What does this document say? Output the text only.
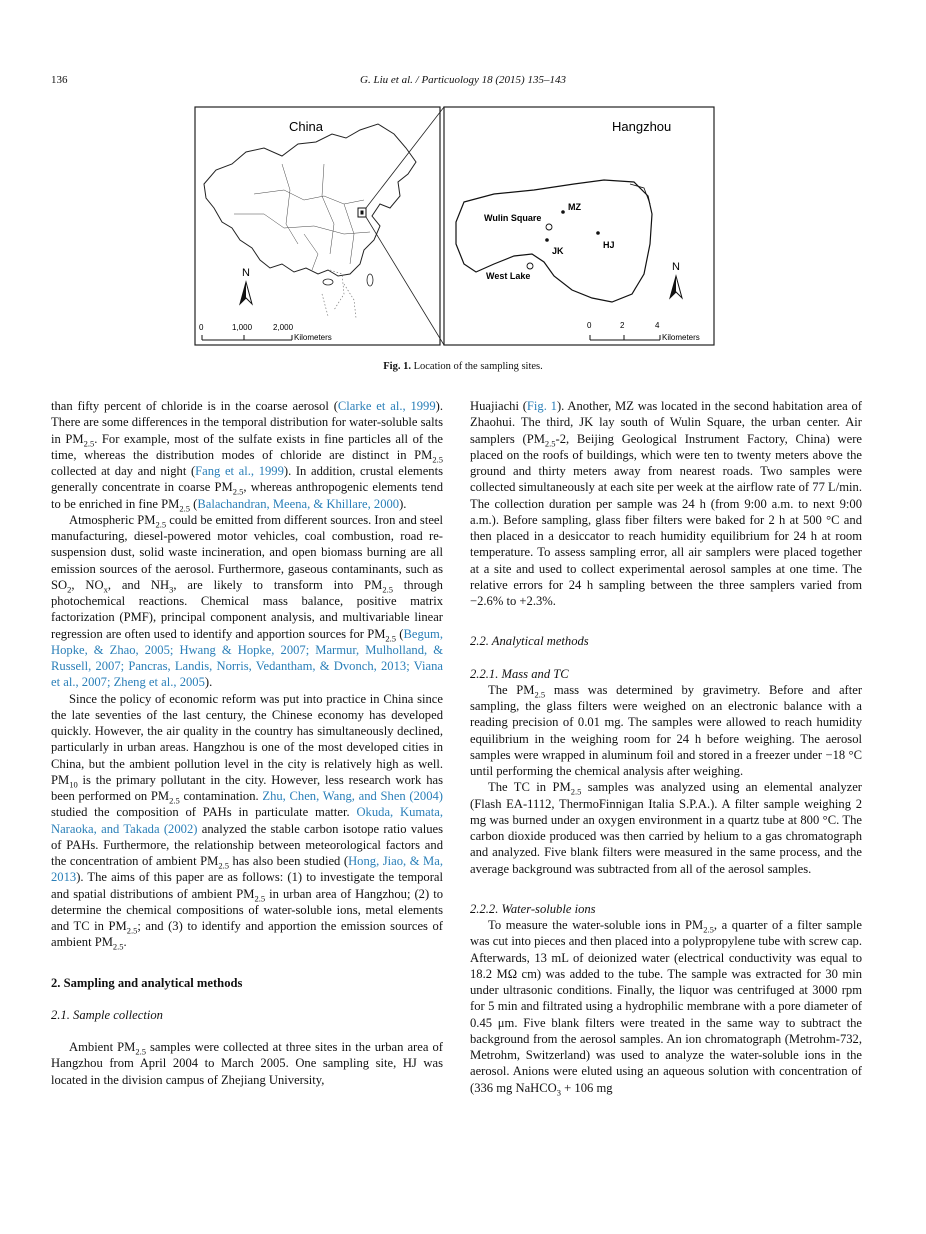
136	G. Liu et al. / Particuology 18 (2015) 135–143
China
N
0	1,000	2,000
Kilometers
Hangzhou
MZ
Wulin Square
JK
HJ
West Lake
N
0	2	4
Kilometers
Fig. 1. Location of the sampling sites.

than fifty percent of chloride is in the coarse aerosol (Clarke et al., 1999). There are some differences in the temporal distribution for water-soluble salts in $PM_{2.5}$. For example, most of the sulfate exists in fine particles all of the time, whereas the distribution modes of chloride are distinct in $PM_{2.5}$ collected at day and night (Fang et al., 1999). In addition, crustal elements generally concentrate in coarse $PM_{2.5}$, whereas anthropogenic elements tend to be enriched in fine $PM_{2.5}$ (Balachandran, Meena, & Khillare, 2000).

Atmospheric $PM_{2.5}$ could be emitted from different sources. Iron and steel manufacturing, diesel-powered motor vehicles, coal combustion, road re-suspension dust, solid waste incineration, and open biomass burning are all emission sources of the aerosol. Furthermore, gaseous contaminants, such as $SO_2$, $NO_x$, and $NH_3$, are likely to transform into $PM_{2.5}$ through photochemical reactions. Chemical mass balance, positive matrix factorization (PMF), principal component analysis, and multivariable linear regression are often used to identify and apportion sources for $PM_{2.5}$ (Begum, Hopke, & Zhao, 2005; Hwang & Hopke, 2007; Marmur, Mulholland, & Russell, 2007; Pancras, Landis, Norris, Vedantham, & Dvonch, 2013; Viana et al., 2007; Zheng et al., 2005).

Since the policy of economic reform was put into practice in China since the late seventies of the last century, the Chinese economy has developed quickly. However, the air quality in the country has simultaneously declined, particularly in urban areas. Hangzhou is one of the most developed cities in China, but the ambient pollution level in the city is relatively high as well. $PM_{10}$ is the primary pollutant in the city. However, less research work has been performed on $PM_{2.5}$ contamination. Zhu, Chen, Wang, and Shen (2004) studied the composition of PAHs in particulate matter. Okuda, Kumata, Naraoka, and Takada (2002) analyzed the stable carbon isotope ratio values of PAHs. Furthermore, the relationship between meteorological factors and the concentration of ambient $PM_{2.5}$ has also been studied (Hong, Jiao, & Ma, 2013). The aims of this paper are as follows: (1) to investigate the temporal and spatial distributions of ambient $PM_{2.5}$ in urban area of Hangzhou; (2) to determine the chemical compositions of water-soluble ions, metal elements and TC in $PM_{2.5}$; and (3) to identify and apportion the emission sources of ambient $PM_{2.5}$.

2. Sampling and analytical methods

2.1. Sample collection

Ambient $PM_{2.5}$ samples were collected at three sites in the urban area of Hangzhou from April 2004 to March 2005. One sampling site, HJ was located in the division campus of Zhejiang University,

Huajiachi (Fig. 1). Another, MZ was located in the second habitation area of Zhaohui. The third, JK lay south of Wulin Square, the urban center. Air samplers ($PM_{2.5}-2$, Beijing Geological Instrument Factory, China) were placed on the roofs of buildings, which were ten to twenty meters above the ground and thirty meters away from nearest roads. Two samples were collected simultaneously at each site per week at the airflow rate of 77 L/min. The collection duration per sample was 24 h (from 9:00 a.m. to next 9:00 a.m.). Before sampling, glass fiber filters were baked for 2 h at 500 °C and then placed in a desiccator to reach humidity equilibrium for 24 h at room temperature. To assess sampling error, all air samplers were placed together at a site and used to collect experimental aerosol samples at one time. The relative errors for 24 h sampling between the three samplers varied from −2.6% to +2.3%.

2.2. Analytical methods

2.2.1. Mass and TC

The $PM_{2.5}$ mass was determined by gravimetry. Before and after sampling, the glass filters were weighed on an electronic balance with a reading precision of 0.01 mg. The samples were allowed to reach humidity equilibrium in the weighing room for 24 h before weighing. The aerosol samples were wrapped in aluminum foil and stored in a freezer under −18 °C until performing the chemical analysis after weighing.

The TC in $PM_{2.5}$ samples was analyzed using an elemental analyzer (Flash EA-1112, ThermoFinnigan Italia S.P.A.). A filter sample weighing 2 mg was burned under an oxygen environment in a quartz tube at 800 °C. The carbon dioxide produced was then carried by helium to a gas chromatograph and analyzed. Five blank filters were measured in the same process, and the average background was subtracted from all of the aerosol samples.

2.2.2. Water-soluble ions

To measure the water-soluble ions in $PM_{2.5}$, a quarter of a filter sample was cut into pieces and then placed into a polypropylene tube with screw cap. Afterwards, 13 mL of deionized water (electrical conductivity was equal to 18.2 MΩ cm) was added to the tube. The sample was extracted for 30 min under ultrasonic conditions. Finally, the liquor was centrifuged at 3000 rpm for 5 min and filtrated using a hydrophilic membrane with a pore diameter of 0.45 μm. Five blank filters were treated in the same way to subtract the background from the aerosol samples. An ion chromatograph (Metrohm-732, Metrohm, Switzerland) was used to analyze the water-soluble ions in the aerosol. Anions were eluted using an aqueous solution with concentration of (336 mg NaHCO$_3$ + 106 mg
